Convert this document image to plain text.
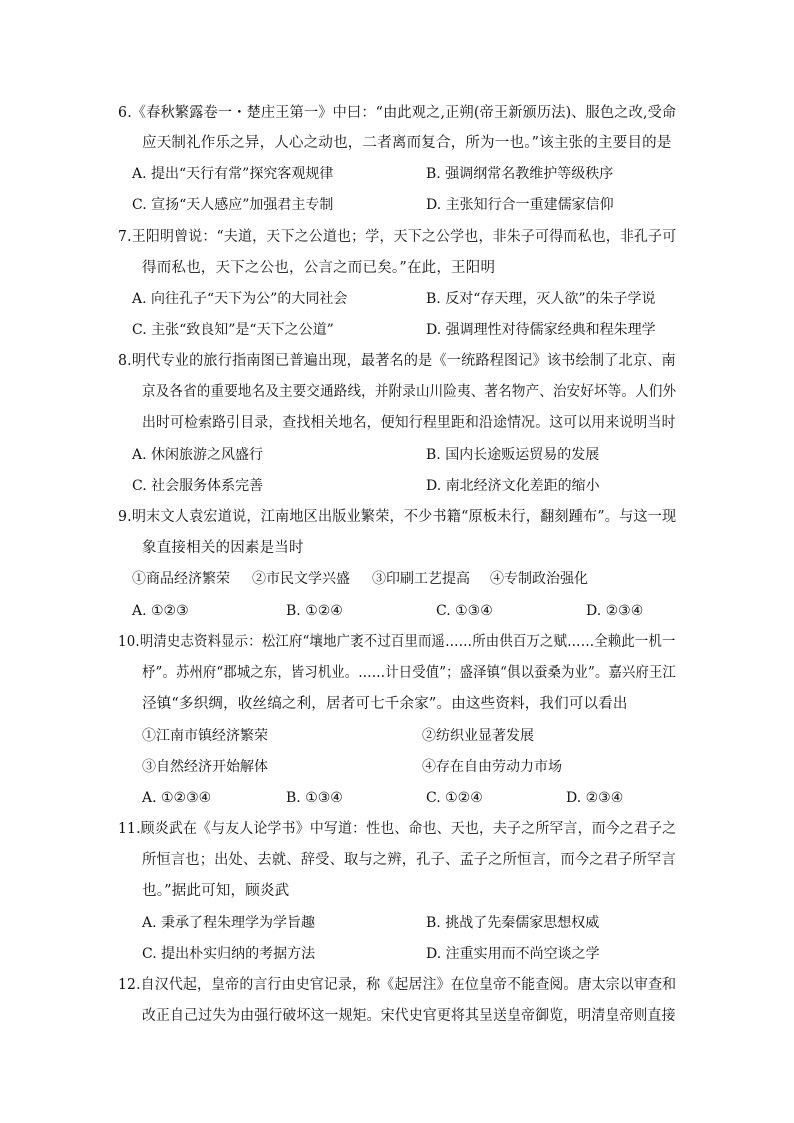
6.《春秋繁露卷一・楚庄王第一》中曰：“由此观之,正朔(帝王新颁历法)、服色之改,受命
应天制礼作乐之异，人心之动也，二者离而复合，所为一也。”该主张的主要目的是
A. 提出“天行有常”探究客观规律	B. 强调纲常名教维护等级秩序
C. 宣扬“天人感应”加强君主专制	D. 主张知行合一重建儒家信仰
7.王阳明曾说：“夫道，天下之公道也；学，天下之公学也，非朱子可得而私也，非孔子可
得而私也，天下之公也，公言之而已矣。”在此，王阳明
A. 向往孔子“天下为公”的大同社会	B. 反对“存天理，灭人欲”的朱子学说
C. 主张“致良知”是“天下之公道”	D. 强调理性对待儒家经典和程朱理学
8.明代专业的旅行指南图已普遍出现，最著名的是《一统路程图记》该书绘制了北京、南
京及各省的重要地名及主要交通路线，并附录山川险夷、著名物产、治安好坏等。人们外
出时可检索路引目录，查找相关地名，便知行程里距和沿途情况。这可以用来说明当时
A. 休闲旅游之风盛行	B. 国内长途贩运贸易的发展
C. 社会服务体系完善	D. 南北经济文化差距的缩小
9.明末文人袁宏道说，江南地区出版业繁荣，不少书籍“原板未行，翻刻踵布”。与这一现
象直接相关的因素是当时
①商品经济繁荣 ②市民文学兴盛 ③印刷工艺提高 ④专制政治强化
A. ①②③	B. ①②④	C. ①③④	D. ②③④
10.明清史志资料显示：松江府“壤地广袤不过百里而遥……所由供百万之赋……全赖此一机一
杼”。苏州府“郡城之东，皆习机业。……计日受值”；盛泽镇“俱以蚕桑为业”。嘉兴府王江
泾镇“多织绸，收丝缟之利，居者可七千余家”。由这些资料，我们可以看出
①江南市镇经济繁荣	②纺织业显著发展
③自然经济开始解体	④存在自由劳动力市场
A. ①②③④	B. ①③④	C. ①②④	D. ②③④
11.顾炎武在《与友人论学书》中写道：性也、命也、天也，夫子之所罕言，而今之君子之
所恒言也；出处、去就、辞受、取与之辨，孔子、孟子之所恒言，而今之君子所罕言
也。”据此可知，顾炎武
A. 秉承了程朱理学为学旨趣	B. 挑战了先秦儒家思想权威
C. 提出朴实归纳的考据方法	D. 注重实用而不尚空谈之学
12.自汉代起，皇帝的言行由史官记录，称《起居注》在位皇帝不能查阅。唐太宗以审查和
改正自己过失为由强行破坏这一规矩。宋代史官更将其呈送皇帝御览，明清皇帝则直接
